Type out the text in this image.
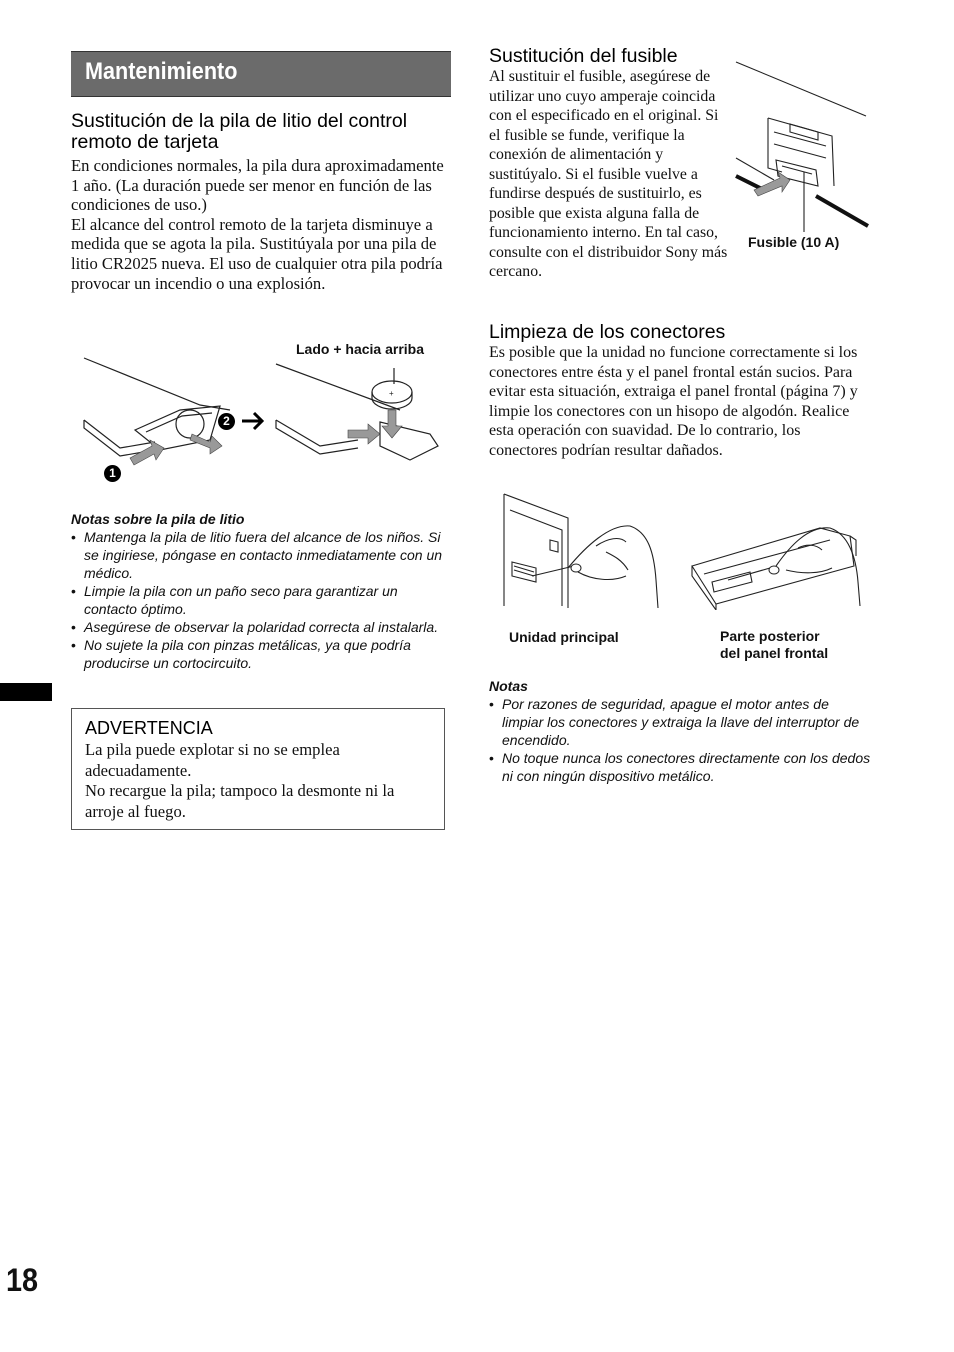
Mantenimiento
Sustitución de la pila de litio del control remoto de tarjeta

En condiciones normales, la pila dura aproximadamente 1 año. (La duración puede ser menor en función de las condiciones de uso.)

El alcance del control remoto de la tarjeta disminuye a medida que se agota la pila. Sustitúyala por una pila de litio CR2025 nueva. El uso de cualquier otra pila podría provocar un incendio o una explosión.

Lado + hacia arriba
+
2
1
Notas sobre la pila de litio
• Mantenga la pila de litio fuera del alcance de los niños. Si se ingiriese, póngase en contacto inmediatamente con un médico.
• Limpie la pila con un paño seco para garantizar un contacto óptimo.
• Asegúrese de observar la polaridad correcta al instalarla.
• No sujete la pila con pinzas metálicas, ya que podría producirse un cortocircuito.
ADVERTENCIA

La pila puede explotar si no se emplea adecuadamente.

No recargue la pila; tampoco la desmonte ni la arroje al fuego.

Sustitución del fusible

Al sustituir el fusible, asegúrese de utilizar uno cuyo amperaje coincida con el especificado en el original. Si el fusible se funde, verifique la conexión de alimentación y sustitúyalo. Si el fusible vuelve a fundirse después de sustituirlo, es posible que exista alguna falla de funcionamiento interno. En tal caso, consulte con el distribuidor Sony más cercano.

Fusible (10 A)
Limpieza de los conectores

Es posible que la unidad no funcione correctamente si los conectores entre ésta y el panel frontal están sucios. Para evitar esta situación, extraiga el panel frontal (página 7) y limpie los conectores con un hisopo de algodón. Realice esta operación con suavidad. De lo contrario, los conectores podrían resultar dañados.

Unidad principal	Parte posterior
del panel frontal
Notas
• Por razones de seguridad, apague el motor antes de limpiar los conectores y extraiga la llave del interruptor de encendido.
• No toque nunca los conectores directamente con los dedos ni con ningún dispositivo metálico.
18
